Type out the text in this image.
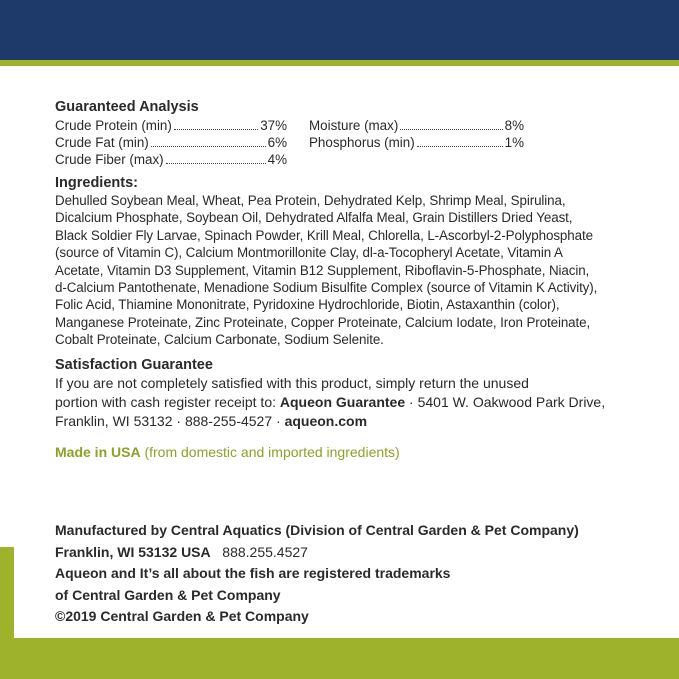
Guaranteed Analysis

Crude Protein (min)	37%
Crude Fat (min)	6%
Crude Fiber (max)	4%
Moisture (max)	8%
Phosphorus (min)	1%

Ingredients:

Dehulled Soybean Meal, Wheat, Pea Protein, Dehydrated Kelp, Shrimp Meal, Spirulina,
Dicalcium Phosphate, Soybean Oil, Dehydrated Alfalfa Meal, Grain Distillers Dried Yeast,
Black Soldier Fly Larvae, Spinach Powder, Krill Meal, Chlorella, L-Ascorbyl-2-Polyphosphate
(source of Vitamin C), Calcium Montmorillonite Clay, dl-a-Tocopheryl Acetate, Vitamin A
Acetate, Vitamin D3 Supplement, Vitamin B12 Supplement, Riboflavin-5-Phosphate, Niacin,
d-Calcium Pantothenate, Menadione Sodium Bisulfite Complex (source of Vitamin K Activity),
Folic Acid, Thiamine Mononitrate, Pyridoxine Hydrochloride, Biotin, Astaxanthin (color),
Manganese Proteinate, Zinc Proteinate, Copper Proteinate, Calcium Iodate, Iron Proteinate,
Cobalt Proteinate, Calcium Carbonate, Sodium Selenite.

Satisfaction Guarantee

If you are not completely satisfied with this product, simply return the unused
portion with cash register receipt to: Aqueon Guarantee · 5401 W. Oakwood Park Drive,
Franklin, WI 53132 · 888-255-4527 · aqueon.com

Made in USA (from domestic and imported ingredients)

Manufactured by Central Aquatics (Division of Central Garden & Pet Company)

Franklin, WI 53132 USA   888.255.4527

Aqueon and It’s all about the fish are registered trademarks

of Central Garden & Pet Company

©2019 Central Garden & Pet Company
